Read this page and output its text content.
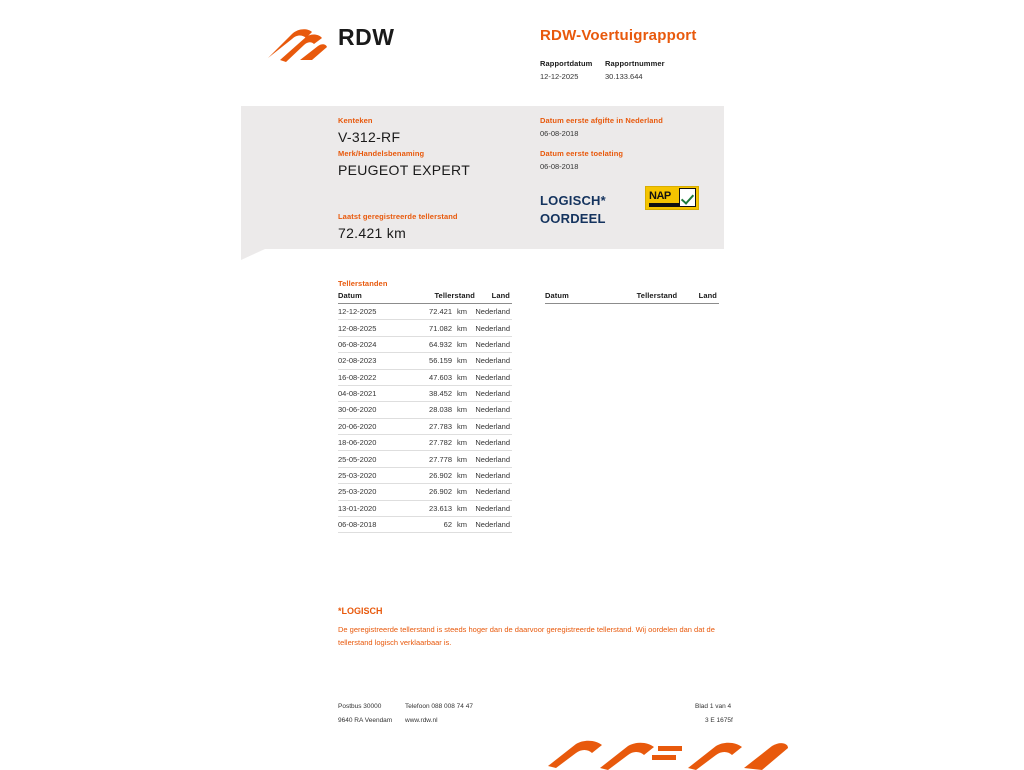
RDW	RDW-Voertuigrapport
Rapportdatum
12-12-2025
Rapportnummer
30.133.644
Kenteken
V-312-RF
Merk/Handelsbenaming
PEUGEOT EXPERT
Laatst geregistreerde tellerstand
72.421 km
Datum eerste afgifte in Nederland
06-08-2018
Datum eerste toelating
06-08-2018
LOGISCH*
OORDEEL
NAP
Tellerstanden
Datum	Tellerstand		Land
12-12-2025	72.421	km	Nederland
12-08-2025	71.082	km	Nederland
06-08-2024	64.932	km	Nederland
02-08-2023	56.159	km	Nederland
16-08-2022	47.603	km	Nederland
04-08-2021	38.452	km	Nederland
30-06-2020	28.038	km	Nederland
20-06-2020	27.783	km	Nederland
18-06-2020	27.782	km	Nederland
25-05-2020	27.778	km	Nederland
25-03-2020	26.902	km	Nederland
25-03-2020	26.902	km	Nederland
13-01-2020	23.613	km	Nederland
06-08-2018	62	km	Nederland
Datum	Tellerstand	Land
*LOGISCH
De geregistreerde tellerstand is steeds hoger dan de daarvoor geregistreerde tellerstand. Wij oordelen dan dat de tellerstand logisch verklaarbaar is.
Postbus 30000
9640 RA Veendam
Telefoon 088 008 74 47
www.rdw.nl
Blad 1 van 4
3 E 1675f
